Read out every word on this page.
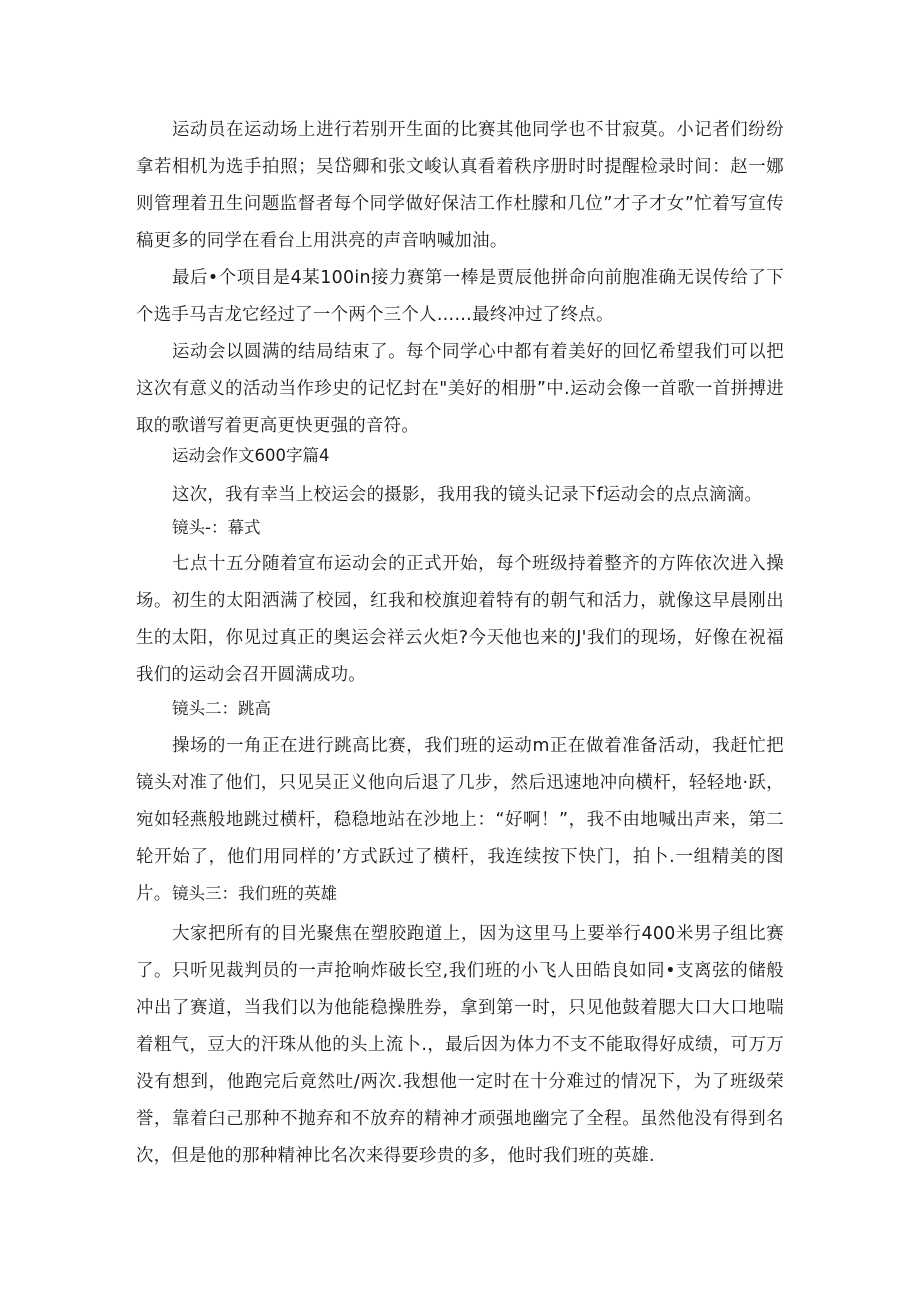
运动员在运动场上进行若别开生面的比赛其他同学也不甘寂莫。小记者们纷纷拿若相机为选手拍照；吴岱卿和张文峻认真看着秩序册时时提醒检录时间：赵一娜则管理着丑生问题监督者每个同学做好保洁工作杜朦和几位”才子才女”忙着写宣传稿更多的同学在看台上用洪亮的声音呐喊加油。

最后•个项目是4某100in接力赛第一棒是贾辰他拼命向前胞准确无误传给了下个选手马吉龙它经过了一个两个三个人……最终冲过了终点。

运动会以圆满的结局结束了。每个同学心中都有着美好的回忆希望我们可以把这次有意义的活动当作珍史的记忆封在"美好的相册”中.运动会像一首歌一首拼搏进取的歌谱写着更高更快更强的音符。

运动会作文600字篇4

这次，我有幸当上校运会的摄影，我用我的镜头记录下f运动会的点点滴滴。

镜头-：幕式

七点十五分随着宣布运动会的正式开始，每个班级持着整齐的方阵依次进入操场。初生的太阳洒满了校园，红我和校旗迎着特有的朝气和活力，就像这早晨刚出生的太阳，你见过真正的奥运会祥云火炬?今天他也来的J'我们的现场，好像在祝福我们的运动会召开圆满成功。

镜头二：跳高

操场的一角正在进行跳高比赛，我们班的运动m正在做着准备活动，我赶忙把镜头对准了他们，只见吴正义他向后退了几步，然后迅速地冲向横杆，轻轻地·跃，宛如轻燕般地跳过横杆，稳稳地站在沙地上：“好啊！”，我不由地喊出声来，第二轮开始了，他们用同样的’方式跃过了横杆，我连续按下快门，拍卜.一组精美的图片。 镜头三：我们班的英雄

大家把所有的目光聚焦在塑胶跑道上，因为这里马上要举行400米男子组比赛了。只听见裁判员的一声抢响炸破长空,我们班的小飞人田皓良如同•支离弦的储般冲出了赛道，当我们以为他能稳操胜券，拿到第一时，只见他鼓着腮大口大口地喘着粗气，豆大的汗珠从他的头上流卜.，最后因为体力不支不能取得好成绩，可万万没有想到，他跑完后竟然吐/两次.我想他一定时在十分难过的情况下，为了班级荣誉，靠着臼己那种不抛弃和不放弃的精神才顽强地幽完了全程。虽然他没有得到名次，但是他的那种精神比名次来得要珍贵的多，他时我们班的英雄.
